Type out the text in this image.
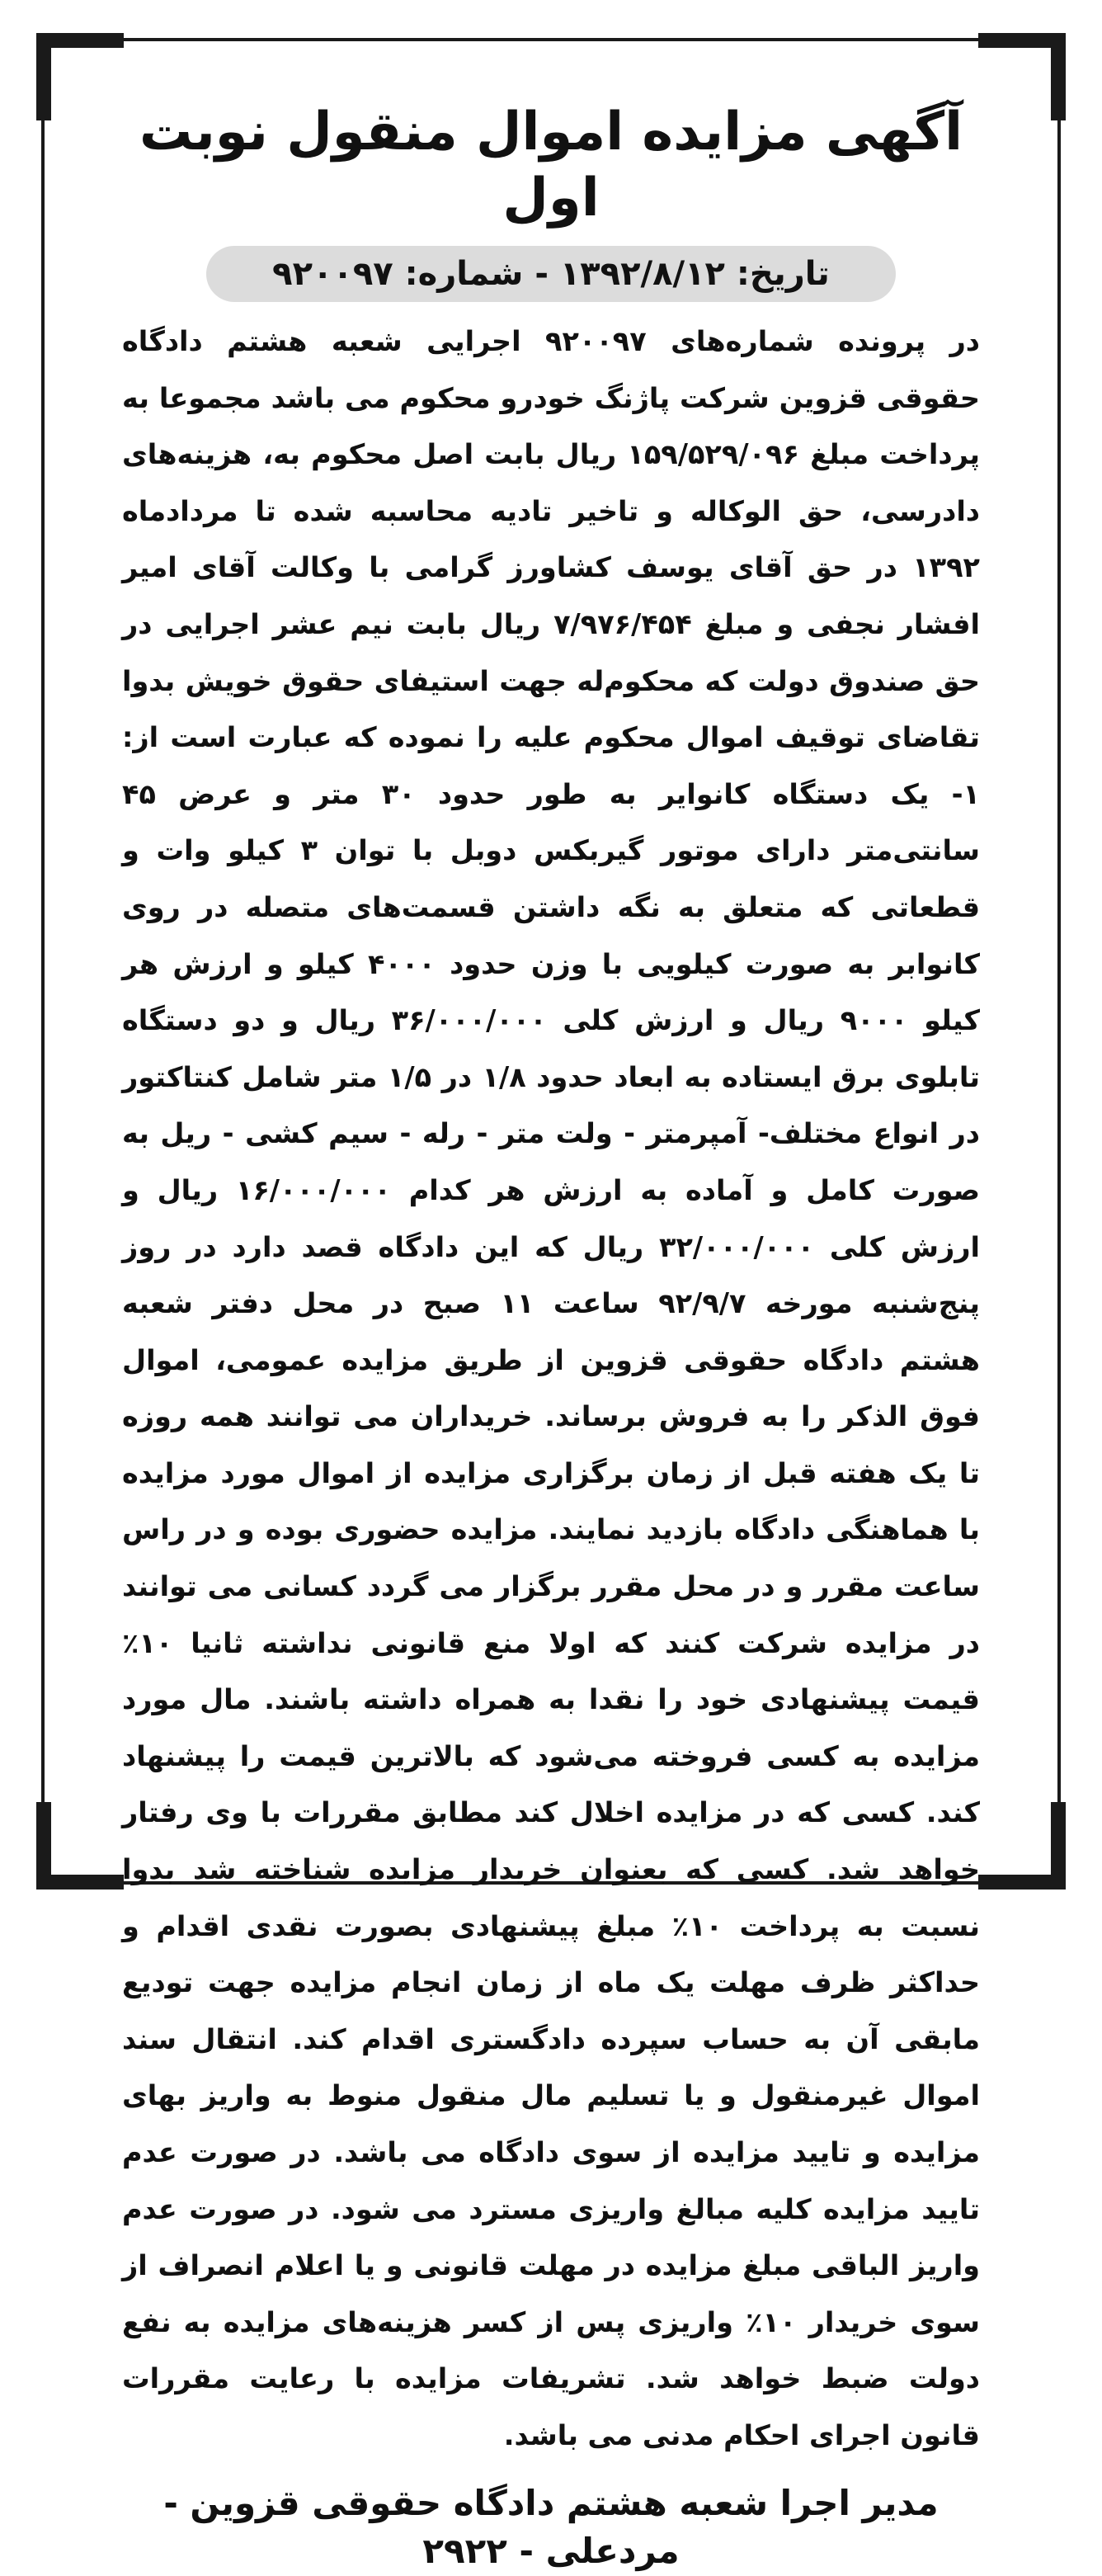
آگهی مزایده اموال منقول نوبت اول
تاریخ: ۱۳۹۲/۸/۱۲ - شماره: ۹۲۰۰۹۷

در پرونده شماره‌های ۹۲۰۰۹۷ اجرایی شعبه هشتم دادگاه حقوقی قزوین شرکت پاژنگ خودرو محکوم می باشد مجموعا به پرداخت مبلغ ۱۵۹/۵۲۹/۰۹۶ ریال بابت اصل محکوم به، هزینه‌های دادرسی، حق الوکاله و تاخیر تادیه محاسبه شده تا مردادماه ۱۳۹۲ در حق آقای یوسف کشاورز گرامی با وکالت آقای امیر افشار نجفی و مبلغ ۷/۹۷۶/۴۵۴ ریال بابت نیم عشر اجرایی در حق صندوق دولت که محکوم‌له جهت استیفای حقوق خویش بدوا تقاضای توقیف اموال محکوم علیه را نموده که عبارت است از: ۱- یک دستگاه کانوایر به طور حدود ۳۰ متر و عرض ۴۵ سانتی‌متر دارای موتور گیربکس دوبل با توان ۳ کیلو وات و قطعاتی که متعلق به نگه داشتن قسمت‌های متصله در روی کانوابر به صورت کیلویی با وزن حدود ۴۰۰۰ کیلو و ارزش هر کیلو ۹۰۰۰ ریال و ارزش کلی ۳۶/۰۰۰/۰۰۰ ریال و دو دستگاه تابلوی برق ایستاده به ابعاد حدود ۱/۸ در ۱/۵ متر شامل کنتاکتور در انواع مختلف- آمپرمتر - ولت متر - رله - سیم کشی - ریل به صورت کامل و آماده به ارزش هر کدام ۱۶/۰۰۰/۰۰۰ ریال و ارزش کلی ۳۲/۰۰۰/۰۰۰ ریال که این دادگاه قصد دارد در روز پنج‌شنبه مورخه ۹۲/۹/۷ ساعت ۱۱ صبح در محل دفتر شعبه هشتم دادگاه حقوقی قزوین از طریق مزایده عمومی، اموال فوق الذکر را به فروش برساند. خریداران می توانند همه روزه تا یک هفته قبل از زمان برگزاری مزایده از اموال مورد مزایده با هماهنگی دادگاه بازدید نمایند. مزایده حضوری بوده و در راس ساعت مقرر و در محل مقرر برگزار می گردد کسانی می توانند در مزایده شرکت کنند که اولا منع قانونی نداشته ثانیا ۱۰٪ قیمت پیشنهادی خود را نقدا به همراه داشته باشند. مال مورد مزایده به کسی فروخته می‌شود که بالاترین قیمت را پیشنهاد کند. کسی که در مزایده اخلال کند مطابق مقررات با وی رفتار خواهد شد. کسی که بعنوان خریدار مزایده شناخته شد بدوا نسبت به پرداخت ۱۰٪ مبلغ پیشنهادی بصورت نقدی اقدام و حداکثر ظرف مهلت یک ماه از زمان انجام مزایده جهت تودیع مابقی آن به حساب سپرده دادگستری اقدام کند. انتقال سند اموال غیرمنقول و یا تسلیم مال منقول منوط به واریز بهای مزایده و تایید مزایده از سوی دادگاه می باشد. در صورت عدم تایید مزایده کلیه مبالغ واریزی مسترد می شود. در صورت عدم واریز الباقی مبلغ مزایده در مهلت قانونی و یا اعلام انصراف از سوی خریدار ۱۰٪ واریزی پس از کسر هزینه‌های مزایده به نفع دولت ضبط خواهد شد. تشریفات مزایده با رعایت مقررات قانون اجرای احکام مدنی می باشد.

مدیر اجرا شعبه هشتم دادگاه حقوقی قزوین - مردعلی - ۲۹۲۲
